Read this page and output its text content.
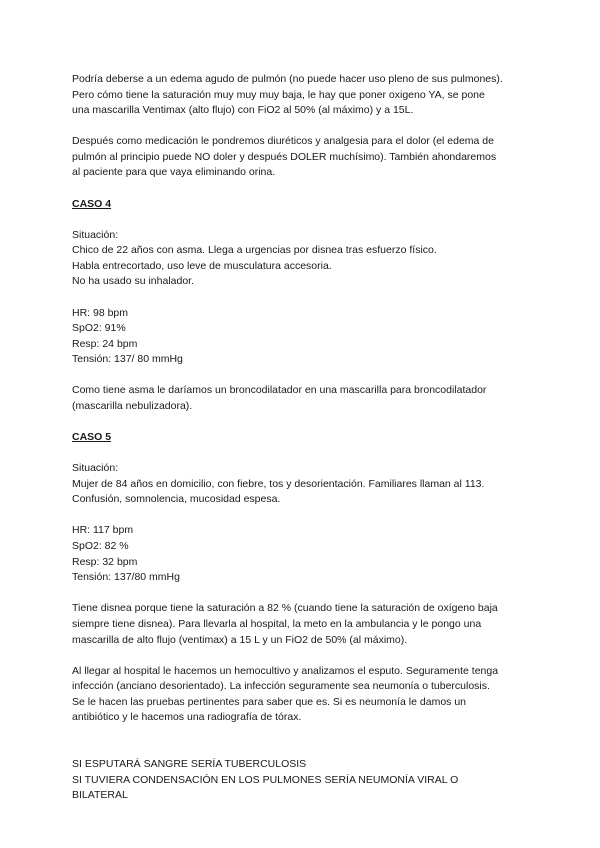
Podría deberse a un edema agudo de pulmón (no puede hacer uso pleno de sus pulmones).
Pero cómo tiene la saturación muy muy muy baja, le hay que poner oxigeno YA, se pone
una mascarilla Ventimax (alto flujo) con FiO2 al 50% (al máximo) y a 15L.

Después como medicación le pondremos diuréticos y analgesia para el dolor (el edema de
pulmón al principio puede NO doler y después DOLER muchísimo). También ahondaremos
al paciente para que vaya eliminando orina.

CASO 4

Situación:
Chico de 22 años con asma. Llega a urgencias por disnea tras esfuerzo físico.
Habla entrecortado, uso leve de musculatura accesoria.
No ha usado su inhalador.

HR: 98 bpm
SpO2: 91%
Resp: 24 bpm
Tensión: 137/ 80 mmHg

Como tiene asma le daríamos un broncodilatador en una mascarilla para broncodilatador
(mascarilla nebulizadora).

CASO 5

Situación:
Mujer de 84 años en domicilio, con fiebre, tos y desorientación. Familiares llaman al 113.
Confusión, somnolencia, mucosidad espesa.

HR: 117 bpm
SpO2: 82 %
Resp: 32 bpm
Tensión: 137/80 mmHg

Tiene disnea porque tiene la saturación a 82 % (cuando tiene la saturación de oxígeno baja
siempre tiene disnea). Para llevarla al hospital, la meto en la ambulancia y le pongo una
mascarilla de alto flujo (ventimax) a 15 L y un FiO2 de 50% (al máximo).

Al llegar al hospital le hacemos un hemocultivo y analizamos el esputo. Seguramente tenga
infección (anciano desorientado). La infección seguramente sea neumonía o tuberculosis.
Se le hacen las pruebas pertinentes para saber que es. Si es neumonía le damos un
antibiótico y le hacemos una radiografía de tórax.

SI ESPUTARÁ SANGRE SERÍA TUBERCULOSIS
SI TUVIERA CONDENSACIÓN EN LOS PULMONES SERÍA NEUMONÍA VIRAL O
BILATERAL
